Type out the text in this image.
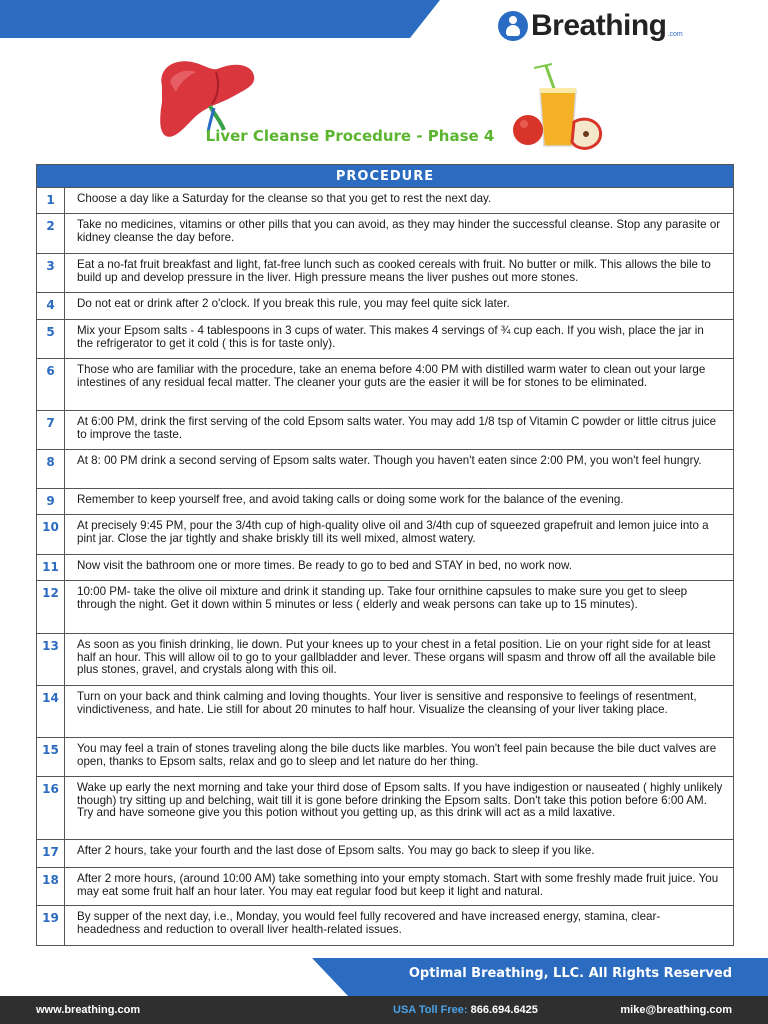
Breathing .com
Liver Cleanse Procedure - Phase 4
PROCEDURE
1	Choose a day like a Saturday for the cleanse so that you get to rest the next day.
2	Take no medicines, vitamins or other pills that you can avoid, as they may hinder the successful cleanse. Stop any parasite or kidney cleanse the day before.
3	Eat a no-fat fruit breakfast and light, fat-free lunch such as cooked cereals with fruit. No butter or milk. This allows the bile to build up and develop pressure in the liver. High pressure means the liver pushes out more stones.
4	Do not eat or drink after 2 o'clock. If you break this rule, you may feel quite sick later.
5	Mix your Epsom salts - 4 tablespoons in 3 cups of water. This makes 4 servings of ¾ cup each. If you wish, place the jar in the refrigerator to get it cold ( this is for taste only).
6	Those who are familiar with the procedure, take an enema before 4:00 PM with distilled warm water to clean out your large intestines of any residual fecal matter. The cleaner your guts are the easier it will be for stones to be eliminated.
7	At 6:00 PM, drink the first serving of the cold Epsom salts water. You may add 1/8 tsp of Vitamin C powder or little citrus juice to improve the taste.
8	At 8: 00 PM drink a second serving of Epsom salts water. Though you haven't eaten since 2:00 PM, you won't feel hungry.
9	Remember to keep yourself free, and avoid taking calls or doing some work for the balance of the evening.
10	At precisely 9:45 PM, pour the 3/4th cup of high-quality olive oil and 3/4th cup of squeezed grapefruit and lemon juice into a pint jar. Close the jar tightly and shake briskly till its well mixed, almost watery.
11	Now visit the bathroom one or more times. Be ready to go to bed and STAY in bed, no work now.
12	10:00 PM- take the olive oil mixture and drink it standing up. Take four ornithine capsules to make sure you get to sleep through the night. Get it down within 5 minutes or less ( elderly and weak persons can take up to 15 minutes).
13	As soon as you finish drinking, lie down. Put your knees up to your chest in a fetal position. Lie on your right side for at least half an hour. This will allow oil to go to your gallbladder and lever. These organs will spasm and throw off all the available bile plus stones, gravel, and crystals along with this oil.
14	Turn on your back and think calming and loving thoughts. Your liver is sensitive and responsive to feelings of resentment, vindictiveness, and hate. Lie still for about 20 minutes to half hour. Visualize the cleansing of your liver taking place.
15	You may feel a train of stones traveling along the bile ducts like marbles. You won't feel pain because the bile duct valves are open, thanks to Epsom salts, relax and go to sleep and let nature do her thing.
16	Wake up early the next morning and take your third dose of Epsom salts. If you have indigestion or nauseated ( highly unlikely though) try sitting up and belching, wait till it is gone before drinking the Epsom salts. Don't take this potion before 6:00 AM. Try and have someone give you this potion without you getting up, as this drink will act as a mild laxative.
17	After 2 hours, take your fourth and the last dose of Epsom salts. You may go back to sleep if you like.
18	After 2 more hours, (around 10:00 AM) take something into your empty stomach. Start with some freshly made fruit juice. You may eat some fruit half an hour later. You may eat regular food but keep it light and natural.
19	By supper of the next day, i.e., Monday, you would feel fully recovered and have increased energy, stamina, clear-headedness and reduction to overall liver health-related issues.
Optimal Breathing, LLC. All Rights Reserved
www.breathing.com	USA Toll Free: 866.694.6425	mike@breathing.com
